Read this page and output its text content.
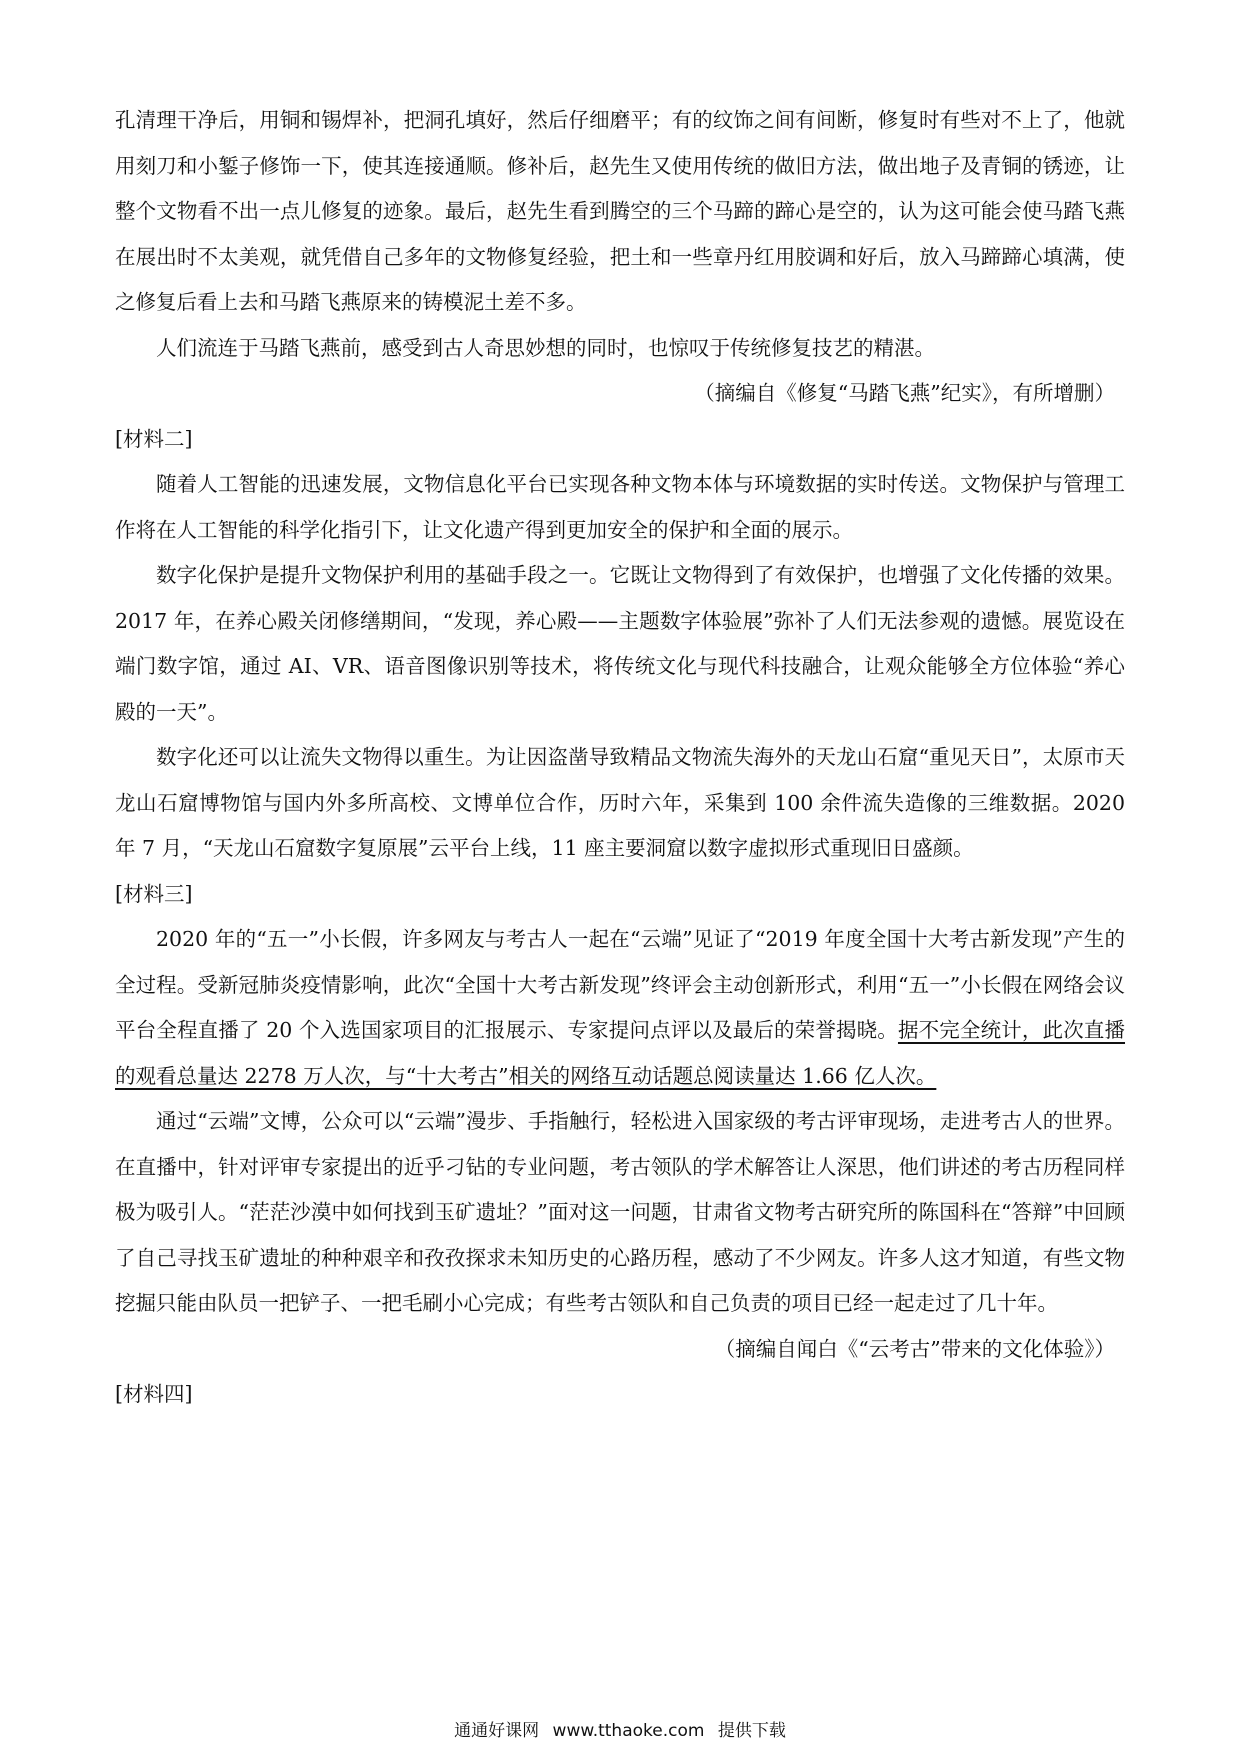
孔清理干净后，用铜和锡焊补，把洞孔填好，然后仔细磨平；有的纹饰之间有间断，修复时有些对不上了，他就用刻刀和小錾子修饰一下，使其连接通顺。修补后，赵先生又使用传统的做旧方法，做出地子及青铜的锈迹，让整个文物看不出一点儿修复的迹象。最后，赵先生看到腾空的三个马蹄的蹄心是空的，认为这可能会使马踏飞燕在展出时不太美观，就凭借自己多年的文物修复经验，把土和一些章丹红用胶调和好后，放入马蹄蹄心填满，使之修复后看上去和马踏飞燕原来的铸模泥土差不多。

人们流连于马踏飞燕前，感受到古人奇思妙想的同时，也惊叹于传统修复技艺的精湛。

（摘编自《修复“马踏飞燕”纪实》，有所增删）

[材料二]

随着人工智能的迅速发展，文物信息化平台已实现各种文物本体与环境数据的实时传送。文物保护与管理工作将在人工智能的科学化指引下，让文化遗产得到更加安全的保护和全面的展示。

数字化保护是提升文物保护利用的基础手段之一。它既让文物得到了有效保护，也增强了文化传播的效果。2017 年，在养心殿关闭修缮期间，“发现，养心殿——主题数字体验展”弥补了人们无法参观的遗憾。展览设在端门数字馆，通过 AI、VR、语音图像识别等技术，将传统文化与现代科技融合，让观众能够全方位体验“养心殿的一天”。

数字化还可以让流失文物得以重生。为让因盗凿导致精品文物流失海外的天龙山石窟“重见天日”，太原市天龙山石窟博物馆与国内外多所高校、文博单位合作，历时六年，采集到 100 余件流失造像的三维数据。2020 年 7 月，“天龙山石窟数字复原展”云平台上线，11 座主要洞窟以数字虚拟形式重现旧日盛颜。

[材料三]

2020 年的“五一”小长假，许多网友与考古人一起在“云端”见证了“2019 年度全国十大考古新发现”产生的全过程。受新冠肺炎疫情影响，此次“全国十大考古新发现”终评会主动创新形式，利用“五一”小长假在网络会议平台全程直播了 20 个入选国家项目的汇报展示、专家提问点评以及最后的荣誉揭晓。据不完全统计，此次直播的观看总量达 2278 万人次，与“十大考古”相关的网络互动话题总阅读量达 1.66 亿人次。

通过“云端”文博，公众可以“云端”漫步、手指触行，轻松进入国家级的考古评审现场，走进考古人的世界。在直播中，针对评审专家提出的近乎刁钻的专业问题，考古领队的学术解答让人深思，他们讲述的考古历程同样极为吸引人。“茫茫沙漠中如何找到玉矿遗址？”面对这一问题，甘肃省文物考古研究所的陈国科在“答辩”中回顾了自己寻找玉矿遗址的种种艰辛和孜孜探求未知历史的心路历程，感动了不少网友。许多人这才知道，有些文物挖掘只能由队员一把铲子、一把毛刷小心完成；有些考古领队和自己负责的项目已经一起走过了几十年。

（摘编自闻白《“云考古”带来的文化体验》）

[材料四]

通通好课网 www.tthaoke.com 提供下载
